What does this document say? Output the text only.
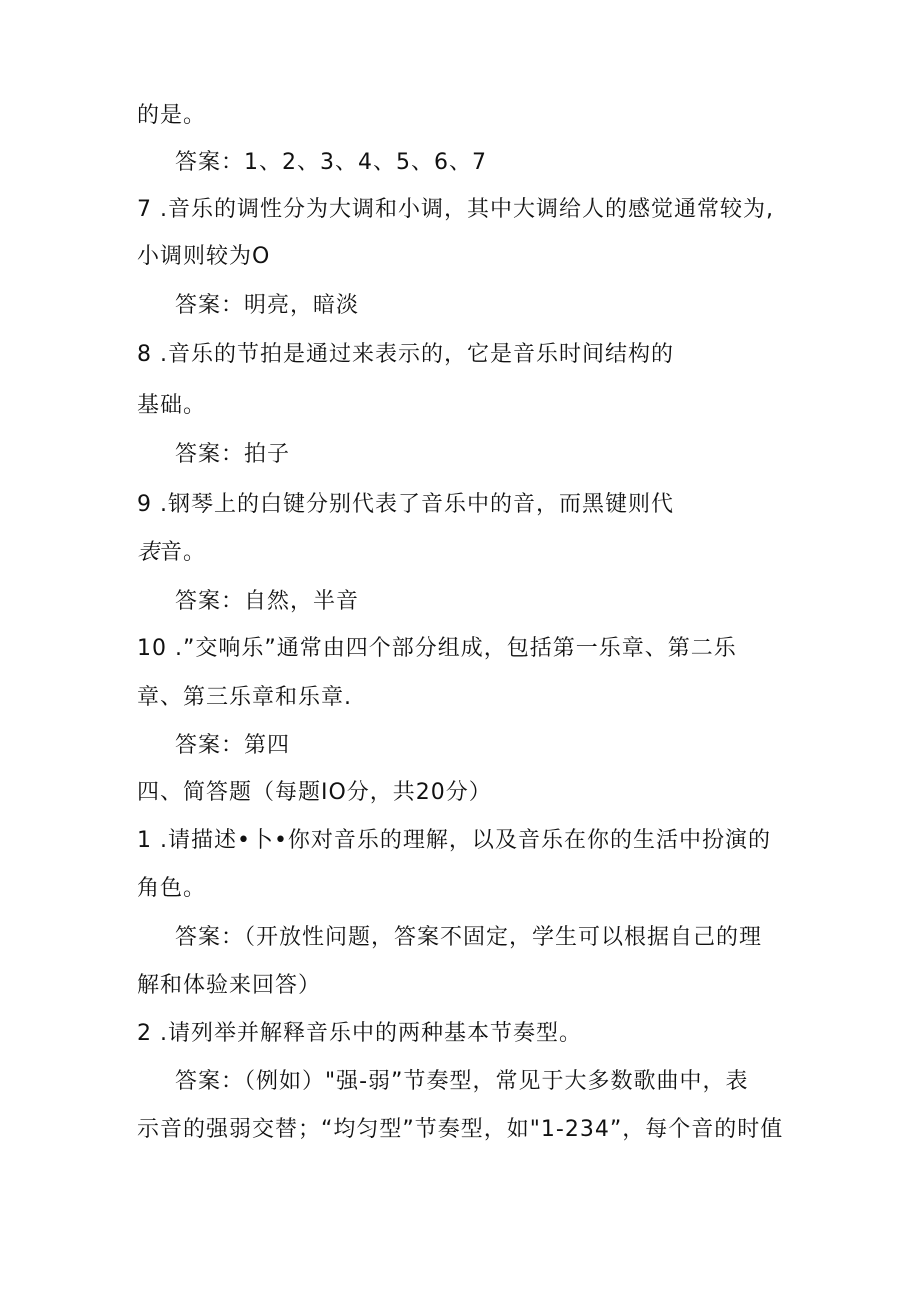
的是。
答案：1、2、3、4、5、6、7
7 .音乐的调性分为大调和小调，其中大调给人的感觉通常较为,
小调则较为O
答案：明亮，暗淡
8 .音乐的节拍是通过来表示的，它是音乐时间结构的
基础。
答案：拍子
9 .钢琴上的白键分别代表了音乐中的音，而黑键则代
表音。
答案：自然，半音
10 .”交响乐”通常由四个部分组成，包括第一乐章、第二乐
章、第三乐章和乐章.
答案：第四
四、简答题（每题IO分，共20分）
1 .请描述•卜•你对音乐的理解，以及音乐在你的生活中扮演的
角色。
答案：（开放性问题，答案不固定，学生可以根据自己的理
解和体验来回答）
2 .请列举并解释音乐中的两种基本节奏型。
答案：（例如）"强-弱”节奏型，常见于大多数歌曲中，表
示音的强弱交替；“均匀型”节奏型，如"1-234”，每个音的时值
